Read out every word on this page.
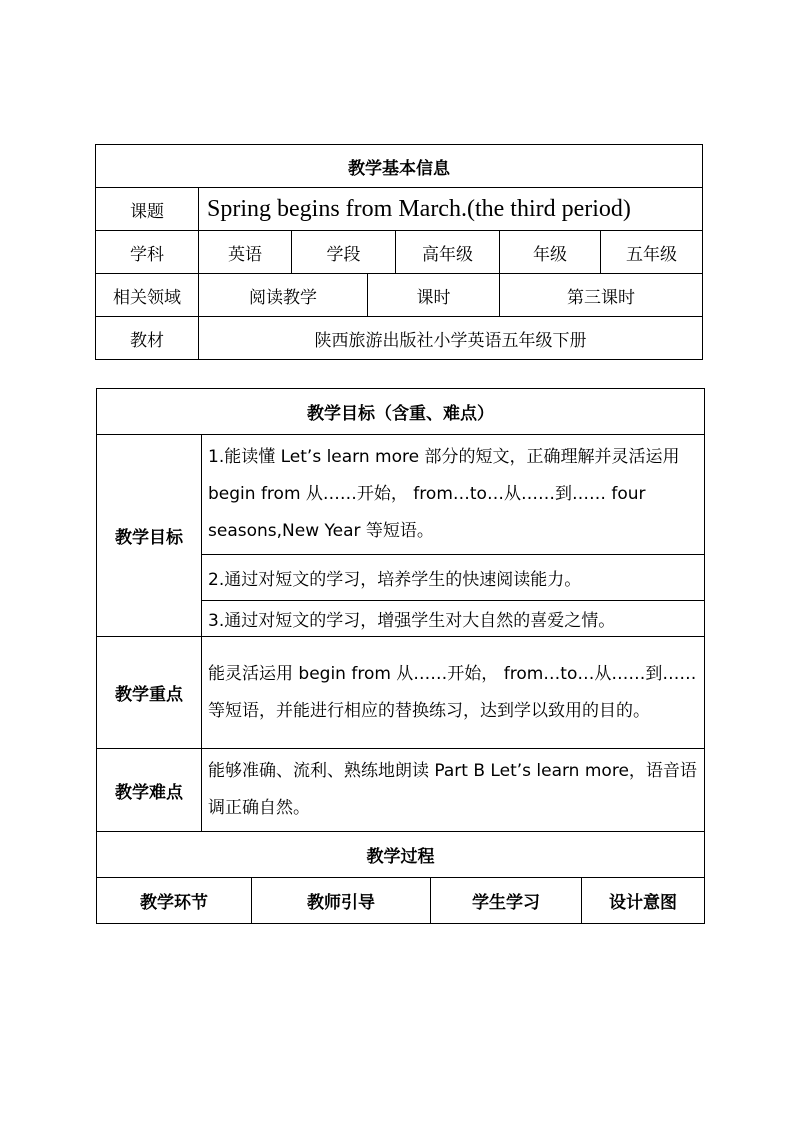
教学基本信息						
课题	Spring begins from March.(the third period)					
学科	英语	学段		高年级	年级	五年级
相关领域	阅读教学		课时		第三课时	
教材	陕西旅游出版社小学英语五年级下册					
教学目标（含重、难点）				
教学目标	1.能读懂 Let’s learn more 部分的短文，正确理解并灵活运用 begin from 从……开始， from…to…从……到…… four seasons,New Year 等短语。			
	2.通过对短文的学习，培养学生的快速阅读能力。			
	3.通过对短文的学习，增强学生对大自然的喜爱之情。			
教学重点	能灵活运用 begin from 从……开始， from…to…从……到……等短语，并能进行相应的替换练习，达到学以致用的目的。			
教学难点	能够准确、流利、熟练地朗读 Part B Let’s learn more，语音语调正确自然。			
教学过程				
教学环节		教师引导	学生学习	设计意图
